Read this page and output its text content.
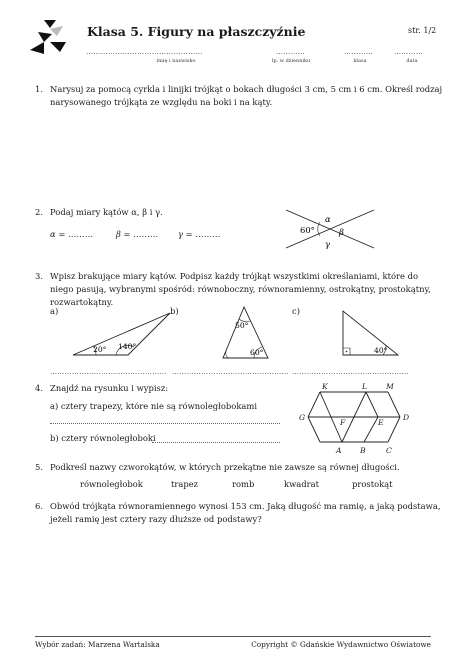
Klasa 5. Figury na płaszczyźnie	str. 1/2
…………………………………………
imię i nazwisko
…………
lp. w dzienniku
…………
klasa
…………
data
1. Narysuj za pomocą cyrkla i linijki trójkąt o bokach długości 3 cm, 5 cm i 6 cm. Określ rodzaj
narysowanego trójkąta ze względu na boki i na kąty.
2. Podaj miary kątów α, β i γ.
α = ………	β = ……… γ = ………	60°
α
β
γ
3. Wpisz brakujące miary kątów. Podpisz każdy trójkąt wszystkimi określaniami, które do
niego pasują, wybranymi spośród: równoboczny, równoramienny, ostrokątny, prostokątny,
rozwartokątny.
a)	b)	c)
20° 140°
50°
60°	40°
………………………………………… ………………………………………… …………………………………………
4. Znajdź na rysunku i wypisz:
a) cztery trapezy, które nie są równoległobokami
b) cztery równoległoboki
K	L M
G
F	E
D
A B	C
5. Podkreśl nazwy czworokątów, w których przekątne nie zawsze są równej długości.
równoległobok	trapez	romb	kwadrat	prostokąt
6. Obwód trójkąta równoramiennego wynosi 153 cm. Jaką długość ma ramię, a jaką podstawa,
jeżeli ramię jest cztery razy dłuższe od podstawy?
Wybór zadań: Marzena Wartalska	Copyright © Gdańskie Wydawnictwo Oświatowe
